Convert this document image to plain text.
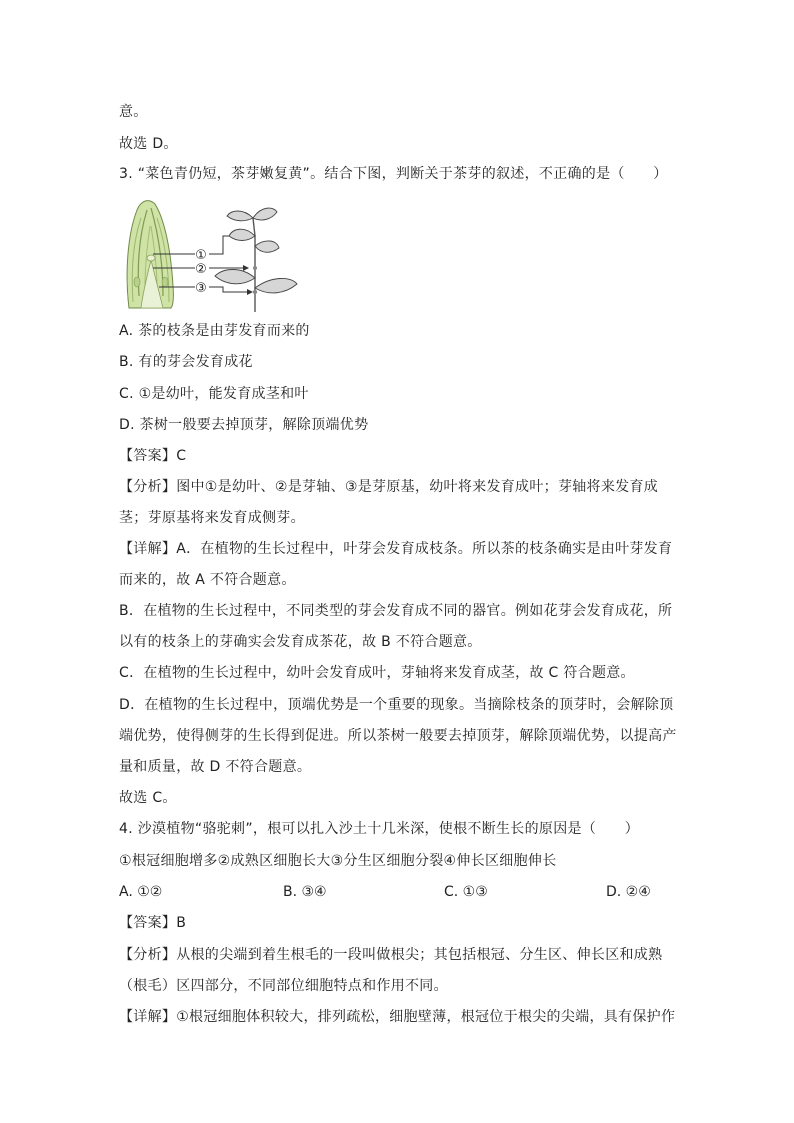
意。
故选 D。
3. “菜色青仍短，茶芽嫩复黄”。结合下图，判断关于茶芽的叙述，不正确的是（　　）
①
②
③
A. 茶的枝条是由芽发育而来的
B. 有的芽会发育成花
C. ①是幼叶，能发育成茎和叶
D. 茶树一般要去掉顶芽，解除顶端优势
【答案】C
【分析】图中①是幼叶、②是芽轴、③是芽原基，幼叶将来发育成叶；芽轴将来发育成
茎；芽原基将来发育成侧芽。
【详解】A．在植物的生长过程中，叶芽会发育成枝条。所以茶的枝条确实是由叶芽发育
而来的，故 A 不符合题意。
B．在植物的生长过程中，不同类型的芽会发育成不同的器官。例如花芽会发育成花，所
以有的枝条上的芽确实会发育成茶花，故 B 不符合题意。
C．在植物的生长过程中，幼叶会发育成叶，芽轴将来发育成茎，故 C 符合题意。
D．在植物的生长过程中，顶端优势是一个重要的现象。当摘除枝条的顶芽时，会解除顶
端优势，使得侧芽的生长得到促进。所以茶树一般要去掉顶芽，解除顶端优势，以提高产
量和质量，故 D 不符合题意。
故选 C。
4. 沙漠植物“骆驼刺”，根可以扎入沙土十几米深，使根不断生长的原因是（　　）
①根冠细胞增多②成熟区细胞长大③分生区细胞分裂④伸长区细胞伸长
A. ①②	B. ③④	C. ①③	D. ②④
【答案】B
【分析】从根的尖端到着生根毛的一段叫做根尖；其包括根冠、分生区、伸长区和成熟
（根毛）区四部分，不同部位细胞特点和作用不同。
【详解】①根冠细胞体积较大，排列疏松，细胞壁薄，根冠位于根尖的尖端，具有保护作
